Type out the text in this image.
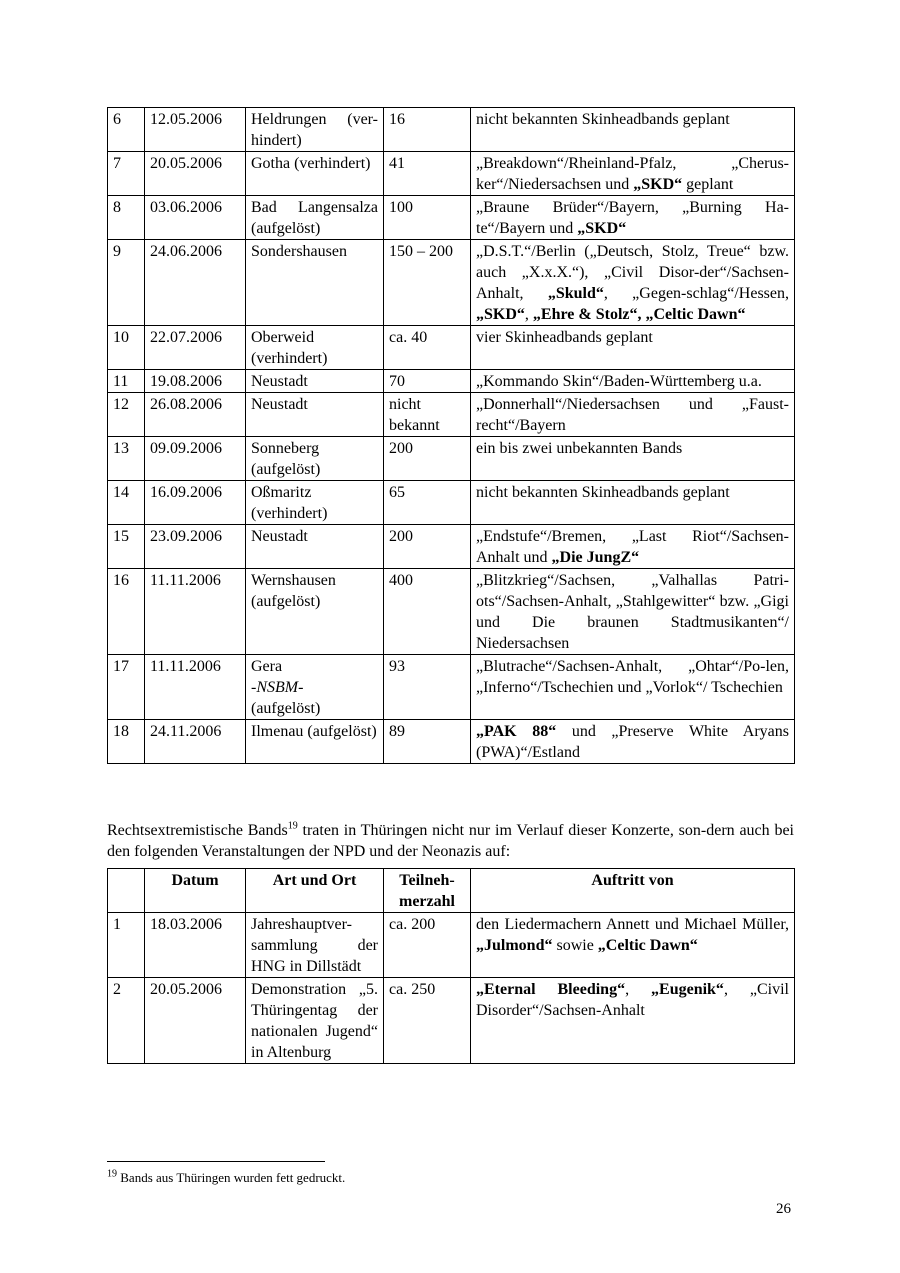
6	12.05.2006	Heldrungen (ver-hindert)	16	nicht bekannten Skinheadbands geplant
7	20.05.2006	Gotha (verhindert)	41	„Breakdown“/Rheinland-Pfalz, „Cherus-ker“/Niedersachsen und „SKD“ geplant
8	03.06.2006	Bad Langensalza (aufgelöst)	100	„Braune Brüder“/Bayern, „Burning Ha-te“/Bayern und „SKD“
9	24.06.2006	Sondershausen	150 – 200	„D.S.T.“/Berlin („Deutsch, Stolz, Treue“ bzw. auch „X.x.X.“), „Civil Disor-der“/Sachsen-Anhalt, „Skuld“, „Gegen-schlag“/Hessen, „SKD“, „Ehre & Stolz“, „Celtic Dawn“
10	22.07.2006	Oberweid (verhindert)	ca. 40	vier Skinheadbands geplant
11	19.08.2006	Neustadt	70	„Kommando Skin“/Baden-Württemberg u.a.
12	26.08.2006	Neustadt	nicht bekannt	„Donnerhall“/Niedersachsen und „Faust-recht“/Bayern
13	09.09.2006	Sonneberg (aufgelöst)	200	ein bis zwei unbekannten Bands
14	16.09.2006	Oßmaritz (verhindert)	65	nicht bekannten Skinheadbands geplant
15	23.09.2006	Neustadt	200	„Endstufe“/Bremen, „Last Riot“/Sachsen-Anhalt und „Die JungZ“
16	11.11.2006	Wernshausen (aufgelöst)	400	„Blitzkrieg“/Sachsen, „Valhallas Patri-ots“/Sachsen-Anhalt, „Stahlgewitter“ bzw. „Gigi und Die braunen Stadtmusikanten“/ Niedersachsen
17	11.11.2006	Gera
-NSBM-
(aufgelöst)	93	„Blutrache“/Sachsen-Anhalt, „Ohtar“/Po-len, „Inferno“/Tschechien und „Vorlok“/ Tschechien
18	24.11.2006	Ilmenau (aufgelöst)	89	„PAK 88“ und „Preserve White Aryans (PWA)“/Estland

Rechtsextremistische Bands$^{19}$ traten in Thüringen nicht nur im Verlauf dieser Konzerte, son-dern auch bei den folgenden Veranstaltungen der NPD und der Neonazis auf:

	Datum	Art und Ort	Teilneh-merzahl	Auftritt von
1	18.03.2006	Jahreshauptver-sammlung der HNG in Dillstädt	ca. 200	den Liedermachern Annett und Michael Müller, „Julmond“ sowie „Celtic Dawn“
2	20.05.2006	Demonstration „5. Thüringentag der nationalen Jugend“ in Altenburg	ca. 250	„Eternal Bleeding“, „Eugenik“, „Civil Disorder“/Sachsen-Anhalt
$^{19}$ Bands aus Thüringen wurden fett gedruckt.
26
